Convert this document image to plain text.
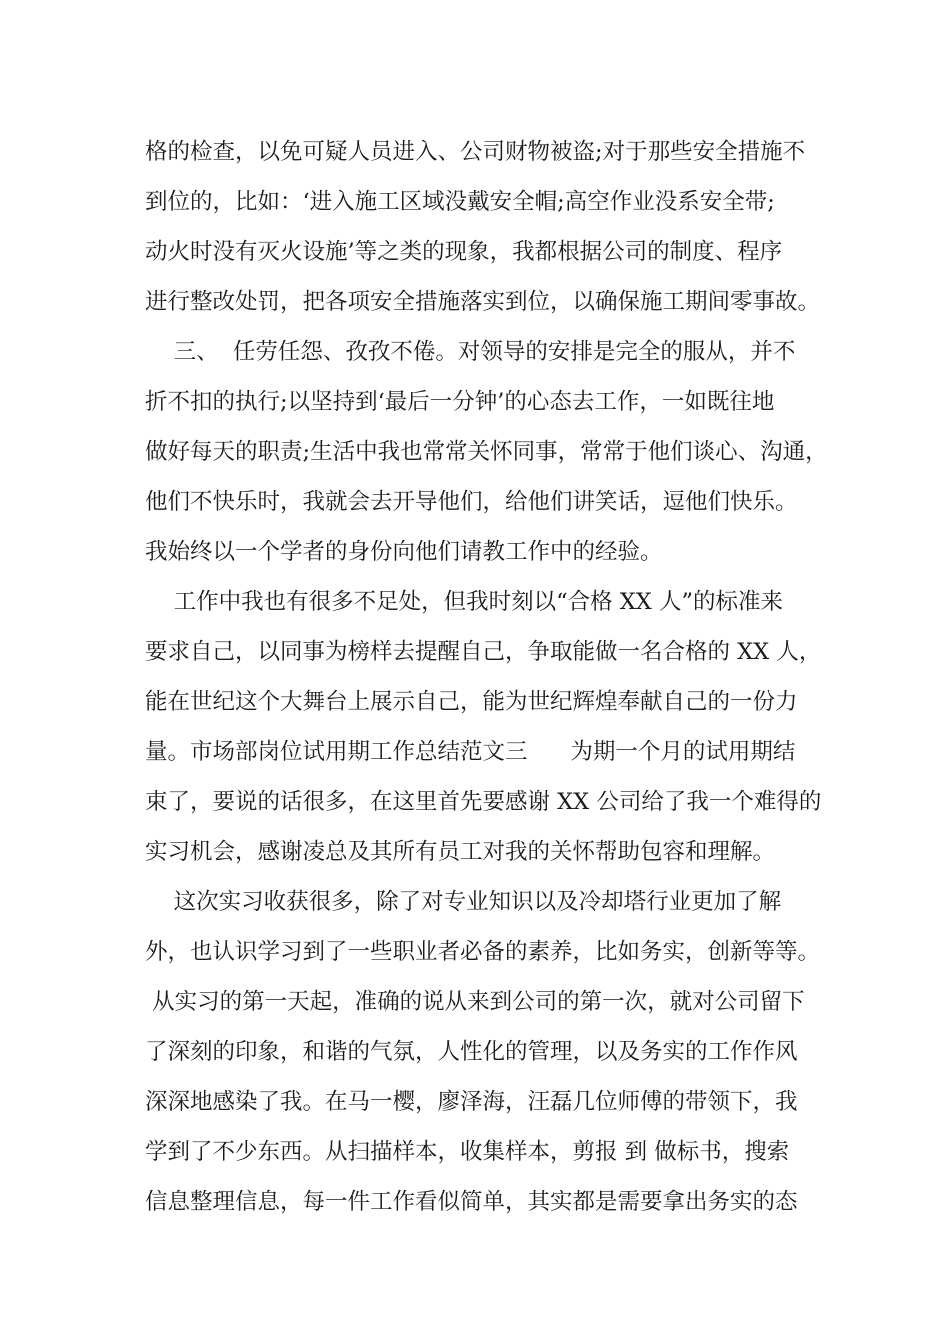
格的检查，以免可疑人员进入、公司财物被盗;对于那些安全措施不
到位的，比如：‘进入施工区域没戴安全帽;高空作业没系安全带;
动火时没有灭火设施’等之类的现象，我都根据公司的制度、程序
进行整改处罚，把各项安全措施落实到位，以确保施工期间零事故。
三、  任劳任怨、孜孜不倦。对领导的安排是完全的服从，并不
折不扣的执行;以坚持到‘最后一分钟’的心态去工作，一如既往地
做好每天的职责;生活中我也常常关怀同事，常常于他们谈心、沟通，
他们不快乐时，我就会去开导他们，给他们讲笑话，逗他们快乐。
我始终以一个学者的身份向他们请教工作中的经验。
工作中我也有很多不足处，但我时刻以“合格 XX 人”的标准来
要求自己，以同事为榜样去提醒自己，争取能做一名合格的 XX 人，
能在世纪这个大舞台上展示自己，能为世纪辉煌奉献自己的一份力
量。市场部岗位试用期工作总结范文三      为期一个月的试用期结
束了，要说的话很多，在这里首先要感谢 XX 公司给了我一个难得的
实习机会，感谢凌总及其所有员工对我的关怀帮助包容和理解。
这次实习收获很多，除了对专业知识以及冷却塔行业更加了解
外，也认识学习到了一些职业者必备的素养，比如务实，创新等等。
从实习的第一天起，准确的说从来到公司的第一次，就对公司留下
了深刻的印象，和谐的气氛，人性化的管理，以及务实的工作作风
深深地感染了我。在马一樱，廖泽海，汪磊几位师傅的带领下，我
学到了不少东西。从扫描样本，收集样本，剪报 到 做标书，搜索
信息整理信息，每一件工作看似简单，其实都是需要拿出务实的态
